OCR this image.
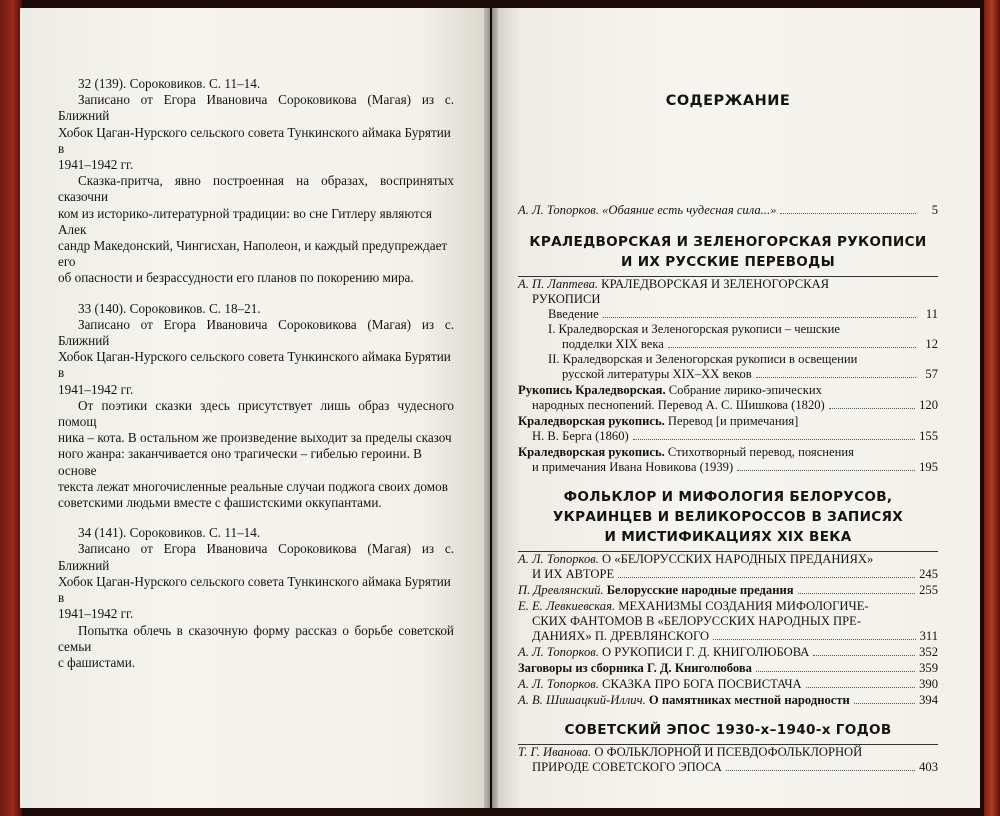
32 (139). Сороковиков. С. 11–14.

Записано от Егора Ивановича Сороковикова (Магая) из с. Ближний

Хобок Цаган-Нурского сельского совета Тункинского аймака Бурятии в

1941–1942 гг.

Сказка-притча, явно построенная на образах, воспринятых сказочни

ком из историко-литературной традиции: во сне Гитлеру являются Алек

сандр Македонский, Чингисхан, Наполеон, и каждый предупреждает его

об опасности и безрассудности его планов по покорению мира.

33 (140). Сороковиков. С. 18–21.

Записано от Егора Ивановича Сороковикова (Магая) из с. Ближний

Хобок Цаган-Нурского сельского совета Тункинского аймака Бурятии в

1941–1942 гг.

От поэтики сказки здесь присутствует лишь образ чудесного помощ

ника – кота. В остальном же произведение выходит за пределы сказоч

ного жанра: заканчивается оно трагически – гибелью героини. В основе

текста лежат многочисленные реальные случаи поджога своих домов

советскими людьми вместе с фашистскими оккупантами.

34 (141). Сороковиков. С. 11–14.

Записано от Егора Ивановича Сороковикова (Магая) из с. Ближний

Хобок Цаган-Нурского сельского совета Тункинского аймака Бурятии в

1941–1942 гг.

Попытка облечь в сказочную форму рассказ о борьбе советской семьи

с фашистами.

СОДЕРЖАНИЕ
А. Л. Топорков. «Обаяние есть чудесная сила...»	5
КРАЛЕДВОРСКАЯ И ЗЕЛЕНОГОРСКАЯ РУКОПИСИ
И ИХ РУССКИЕ ПЕРЕВОДЫ
А. П. Лаптева. КРАЛЕДВОРСКАЯ И ЗЕЛЕНОГОРСКАЯ
РУКОПИСИ
Введение	11
I. Краледворская и Зеленогорская рукописи – чешские
подделки XIX века	12
II. Краледворская и Зеленогорская рукописи в освещении
русской литературы XIX–XX веков	57
Рукопись Краледворская. Собрание лирико-эпических
народных песнопений. Перевод А. С. Шишкова (1820)	120
Краледворская рукопись. Перевод [и примечания]
Н. В. Берга (1860)	155
Краледворская рукопись. Стихотворный перевод, пояснения
и примечания Ивана Новикова (1939)	195
ФОЛЬКЛОР И МИФОЛОГИЯ БЕЛОРУСОВ,
УКРАИНЦЕВ И ВЕЛИКОРОССОВ В ЗАПИСЯХ
И МИСТИФИКАЦИЯХ XIX ВЕКА
А. Л. Топорков. О «БЕЛОРУССКИХ НАРОДНЫХ ПРЕДАНИЯХ»
И ИХ АВТОРЕ	245
П. Древлянский. Белорусские народные предания	255
Е. Е. Левкиевская. МЕХАНИЗМЫ СОЗДАНИЯ МИФОЛОГИЧЕ-
СКИХ ФАНТОМОВ В «БЕЛОРУССКИХ НАРОДНЫХ ПРЕ-
ДАНИЯХ» П. ДРЕВЛЯНСКОГО	311
А. Л. Топорков. О РУКОПИСИ Г. Д. КНИГОЛЮБОВА	352
Заговоры из сборника Г. Д. Книголюбова	359
А. Л. Топорков. СКАЗКА ПРО БОГА ПОСВИСТАЧА	390
А. В. Шишацкий-Иллич. О памятниках местной народности	394
СОВЕТСКИЙ ЭПОС 1930-х–1940-х ГОДОВ
Т. Г. Иванова. О ФОЛЬКЛОРНОЙ И ПСЕВДОФОЛЬКЛОРНОЙ
ПРИРОДЕ СОВЕТСКОГО ЭПОСА	403
